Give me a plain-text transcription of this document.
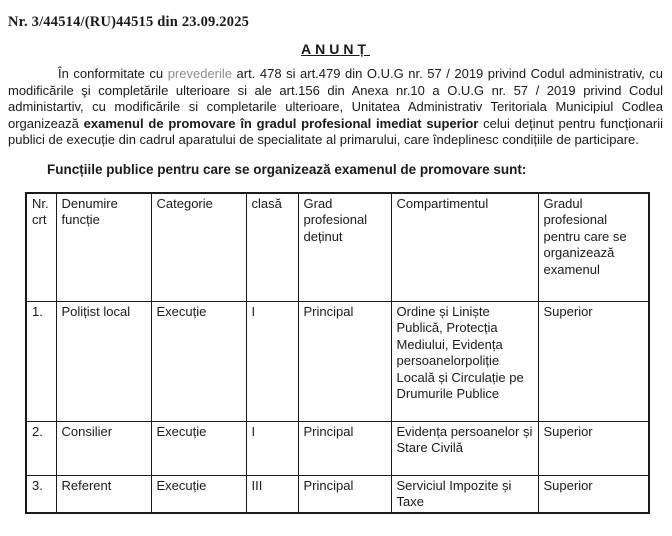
Nr. 3/44514/(RU)44515 din 23.09.2025
ANUNȚ

În conformitate cu prevederile art. 478 si art.479 din O.U.G nr. 57 / 2019 privind Codul administrativ, cu modificările şi completările ulterioare si ale art.156 din Anexa nr.10 a O.U.G nr. 57 / 2019 privind Codul administartiv, cu modificările si completarile ulterioare, Unitatea Administrativ Teritoriala Municipiul Codlea organizează examenul de promovare în gradul profesional imediat superior celui deținut pentru funcționarii publici de execuție din cadrul aparatului de specialitate al primarului, care îndeplinesc condițiile de participare.

Funcțiile publice pentru care se organizează examenul de promovare sunt:
Nr. crt	Denumire funcție	Categorie	clasă	Grad profesional deținut	Compartimentul	Gradul profesional pentru care se organizează examenul
1.	Polițist local	Execuție	I	Principal	Ordine și Liniște Publică, Protecția Mediului, Evidența persoanelorpoliție Locală și Circulație pe Drumurile Publice	Superior
2.	Consilier	Execuție	I	Principal	Evidența persoanelor și Stare Civilă	Superior
3.	Referent	Execuție	III	Principal	Serviciul Impozite și Taxe	Superior
